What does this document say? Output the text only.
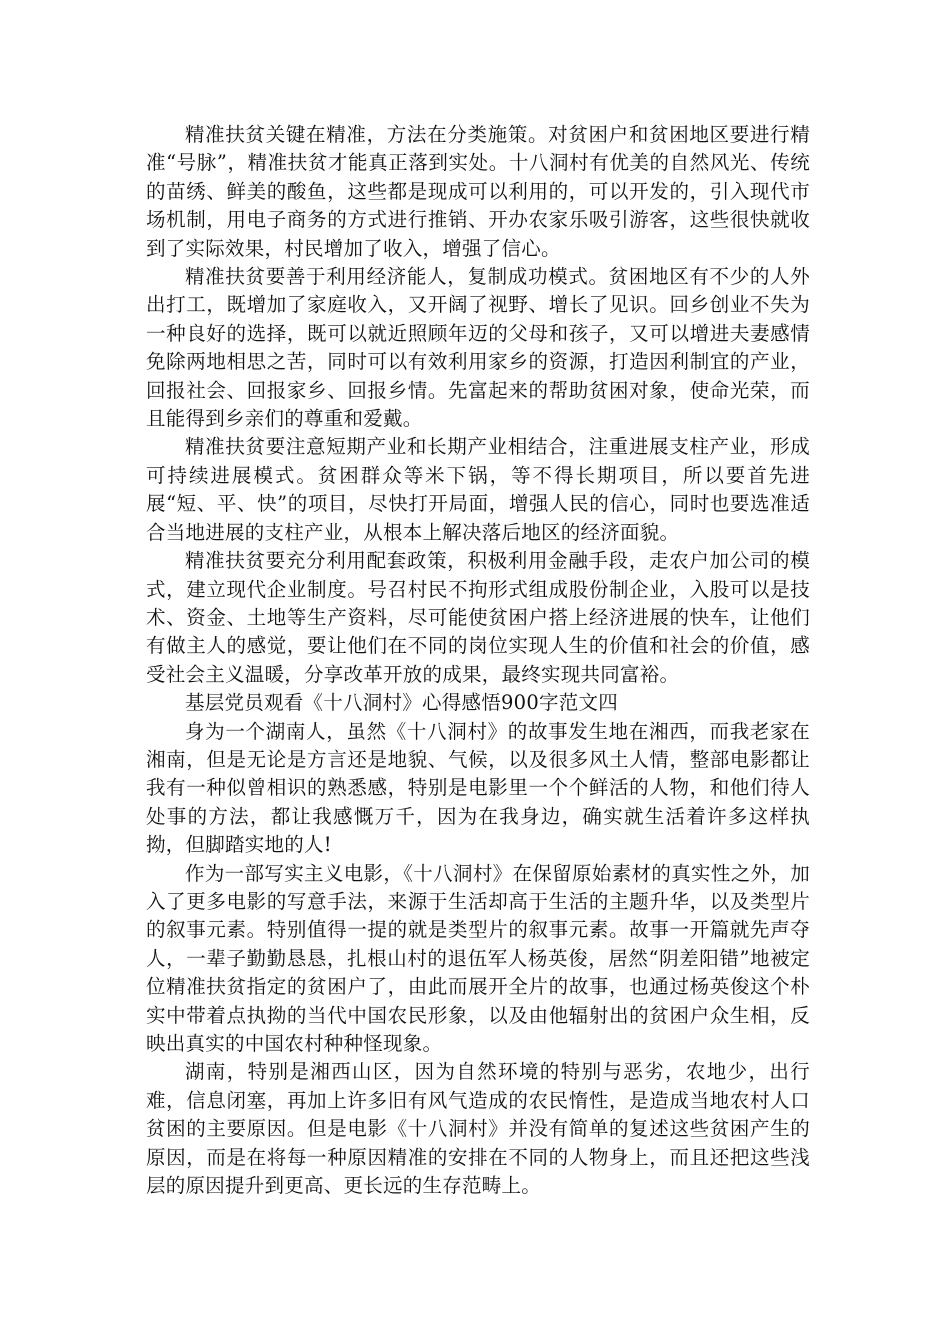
精准扶贫关键在精准，方法在分类施策。对贫困户和贫困地区要进行精准“号脉”，精准扶贫才能真正落到实处。十八洞村有优美的自然风光、传统的苗绣、鲜美的酸鱼，这些都是现成可以利用的，可以开发的，引入现代市场机制，用电子商务的方式进行推销、开办农家乐吸引游客，这些很快就收到了实际效果，村民增加了收入，增强了信心。

精准扶贫要善于利用经济能人，复制成功模式。贫困地区有不少的人外出打工，既增加了家庭收入，又开阔了视野、增长了见识。回乡创业不失为一种良好的选择，既可以就近照顾年迈的父母和孩子，又可以增进夫妻感情免除两地相思之苦，同时可以有效利用家乡的资源，打造因利制宜的产业，回报社会、回报家乡、回报乡情。先富起来的帮助贫困对象，使命光荣，而且能得到乡亲们的尊重和爱戴。

精准扶贫要注意短期产业和长期产业相结合，注重进展支柱产业，形成可持续进展模式。贫困群众等米下锅，等不得长期项目，所以要首先进展“短、平、快”的项目，尽快打开局面，增强人民的信心，同时也要选准适合当地进展的支柱产业，从根本上解决落后地区的经济面貌。

精准扶贫要充分利用配套政策，积极利用金融手段，走农户加公司的模式，建立现代企业制度。号召村民不拘形式组成股份制企业，入股可以是技术、资金、土地等生产资料，尽可能使贫困户搭上经济进展的快车，让他们有做主人的感觉，要让他们在不同的岗位实现人生的价值和社会的价值，感受社会主义温暖，分享改革开放的成果，最终实现共同富裕。

基层党员观看《十八洞村》心得感悟900字范文四

身为一个湖南人，虽然《十八洞村》的故事发生地在湘西，而我老家在湘南，但是无论是方言还是地貌、气候，以及很多风土人情，整部电影都让我有一种似曾相识的熟悉感，特别是电影里一个个鲜活的人物，和他们待人处事的方法，都让我感慨万千，因为在我身边，确实就生活着许多这样执拗，但脚踏实地的人!

作为一部写实主义电影，《十八洞村》在保留原始素材的真实性之外，加入了更多电影的写意手法，来源于生活却高于生活的主题升华，以及类型片的叙事元素。特别值得一提的就是类型片的叙事元素。故事一开篇就先声夺人，一辈子勤勤恳恳，扎根山村的退伍军人杨英俊，居然“阴差阳错”地被定位精准扶贫指定的贫困户了，由此而展开全片的故事，也通过杨英俊这个朴实中带着点执拗的当代中国农民形象，以及由他辐射出的贫困户众生相，反映出真实的中国农村种种怪现象。

湖南，特别是湘西山区，因为自然环境的特别与恶劣，农地少，出行难，信息闭塞，再加上许多旧有风气造成的农民惰性，是造成当地农村人口贫困的主要原因。但是电影《十八洞村》并没有简单的复述这些贫困产生的原因，而是在将每一种原因精准的安排在不同的人物身上，而且还把这些浅层的原因提升到更高、更长远的生存范畴上。
